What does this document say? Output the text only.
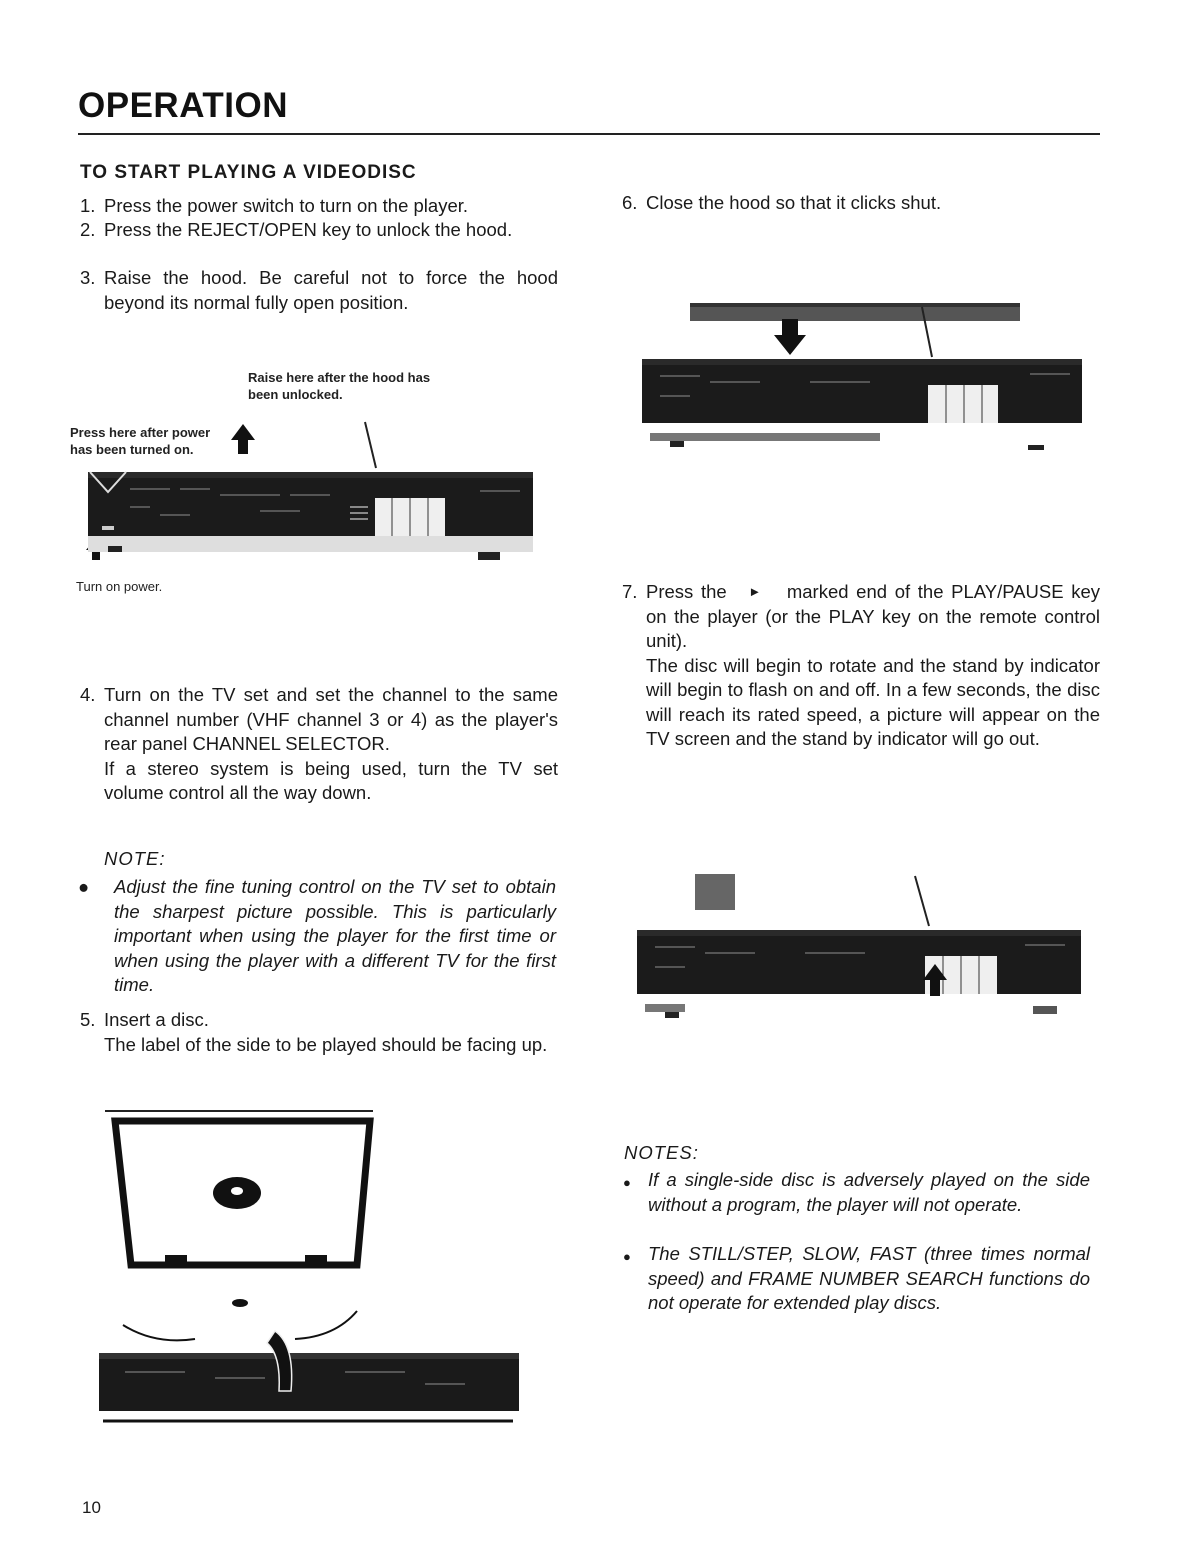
OPERATION
TO START PLAYING A VIDEODISC
1. Press the power switch to turn on the player.
2. Press the REJECT/OPEN key to unlock the hood.
3. Raise the hood. Be careful not to force the hood beyond its normal fully open position.
Raise here after the hood has been unlocked.
Press here after power has been turned on.
Turn on power.
4. Turn on the TV set and set the channel to the same channel number (VHF channel 3 or 4) as the player's rear panel CHANNEL SELECTOR.
If a stereo system is being used, turn the TV set volume control all the way down.
NOTE:
● Adjust the fine tuning control on the TV set to obtain the sharpest picture possible. This is particularly important when using the player for the first time or when using the player with a different TV for the first time.
5. Insert a disc.
The label of the side to be played should be facing up.
10
6. Close the hood so that it clicks shut.
7. Press the ► marked end of the PLAY/PAUSE key on the player (or the PLAY key on the remote control unit).
The disc will begin to rotate and the stand by indicator will begin to flash on and off. In a few seconds, the disc will reach its rated speed, a picture will appear on the TV screen and the stand by indicator will go out.
NOTES:
● If a single-side disc is adversely played on the side without a program, the player will not operate.
● The STILL/STEP, SLOW, FAST (three times normal speed) and FRAME NUMBER SEARCH functions do not operate for extended play discs.
